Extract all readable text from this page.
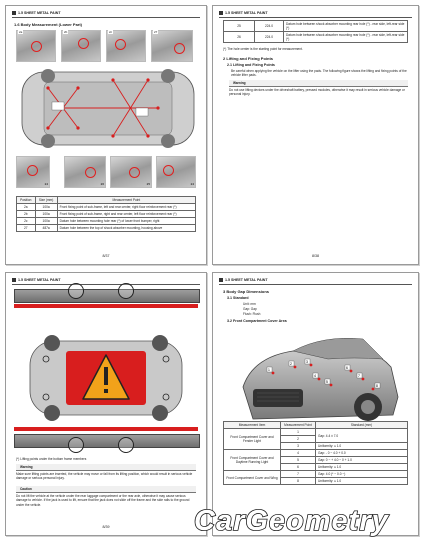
1.5 SHEET METAL PAINT
1.6 Body Measurement (Lower Part)
2a	2b	2c	27
24	26	25	24
Position	Size (mm)	Measurement Point
2a	100a	Front fixing point of sub-frame, left and rear center, right floor reinforcement rear (*)
2b	100a	Front fixing point of sub-frame, right and rear center, left floor reinforcement rear (*)
2c	100a	Datum hole between mounting hole rear (*) of lower front bumper, right
27	487a	Datum hole between the top of shock absorber mounting, housing above
8/37
1.5 SHEET METAL PAINT
25	224.0	Datum hole between shock absorber mounting rear hole (*) - rear side, left-rear side (*)
26	224.0	Datum hole between shock absorber mounting rear hole (*) - rear side, left-rear side (*)
(*) The hole center is the starting point for measurement.
2 Lifting and Fixing Points
2.1 Lifting and Fixing Points
Be careful when applying the vehicle on the lifter using the pads. The following figure shows the lifting and fixing points of the vehicle lifter pads.
Warning
Do not use lifting devices under the driveshaft battery, pressed modules, otherwise it may result in serious vehicle damage or personal injury.
8/38
1.5 SHEET METAL PAINT
(*) Lifting points under the bottom frame members
Warning
Make sure lifting points are inserted, the vehicle may move or fall from its lifting position, which would result in serious vehicle damage or serious personal injury.
Caution
Do not lift the vehicle at the vehicle under the rear luggage compartment or the rear axle, otherwise it may cause serious damage to vehicle. If the jack is used to lift, ensure that the jack does not slide off the frame and the side rails to the ground under the vehicle.
8/39
1.5 SHEET METAL PAINT
3 Body Gap Dimensions
3.1 Standard
Unit: mm
Gap: Gap
Flush: Flush
3.2 Front Compartment Cover Area
1
2	3
4
5
6
7
8
Measurement Item	Measurement Point	Standard (mm)
Front Compartment Cover and Fender Light	1	Gap: 4.4 ± 7.0
	2	
	3	Uniformity: ≤ 1.0
Front Compartment Cover and Daytime Running Light	4	Gap: - 0 ~ 4.0 + 0.0
	5	Gap: 0 ~ + 4.0 ~ 0 + 1.0
	6	Uniformity: ≤ 1.0
Front Compartment Cover and Wing	7	Gap: 4.0 (* ~ 0.0 ~)
	8	Uniformity: ≤ 1.0
CarGeometry
